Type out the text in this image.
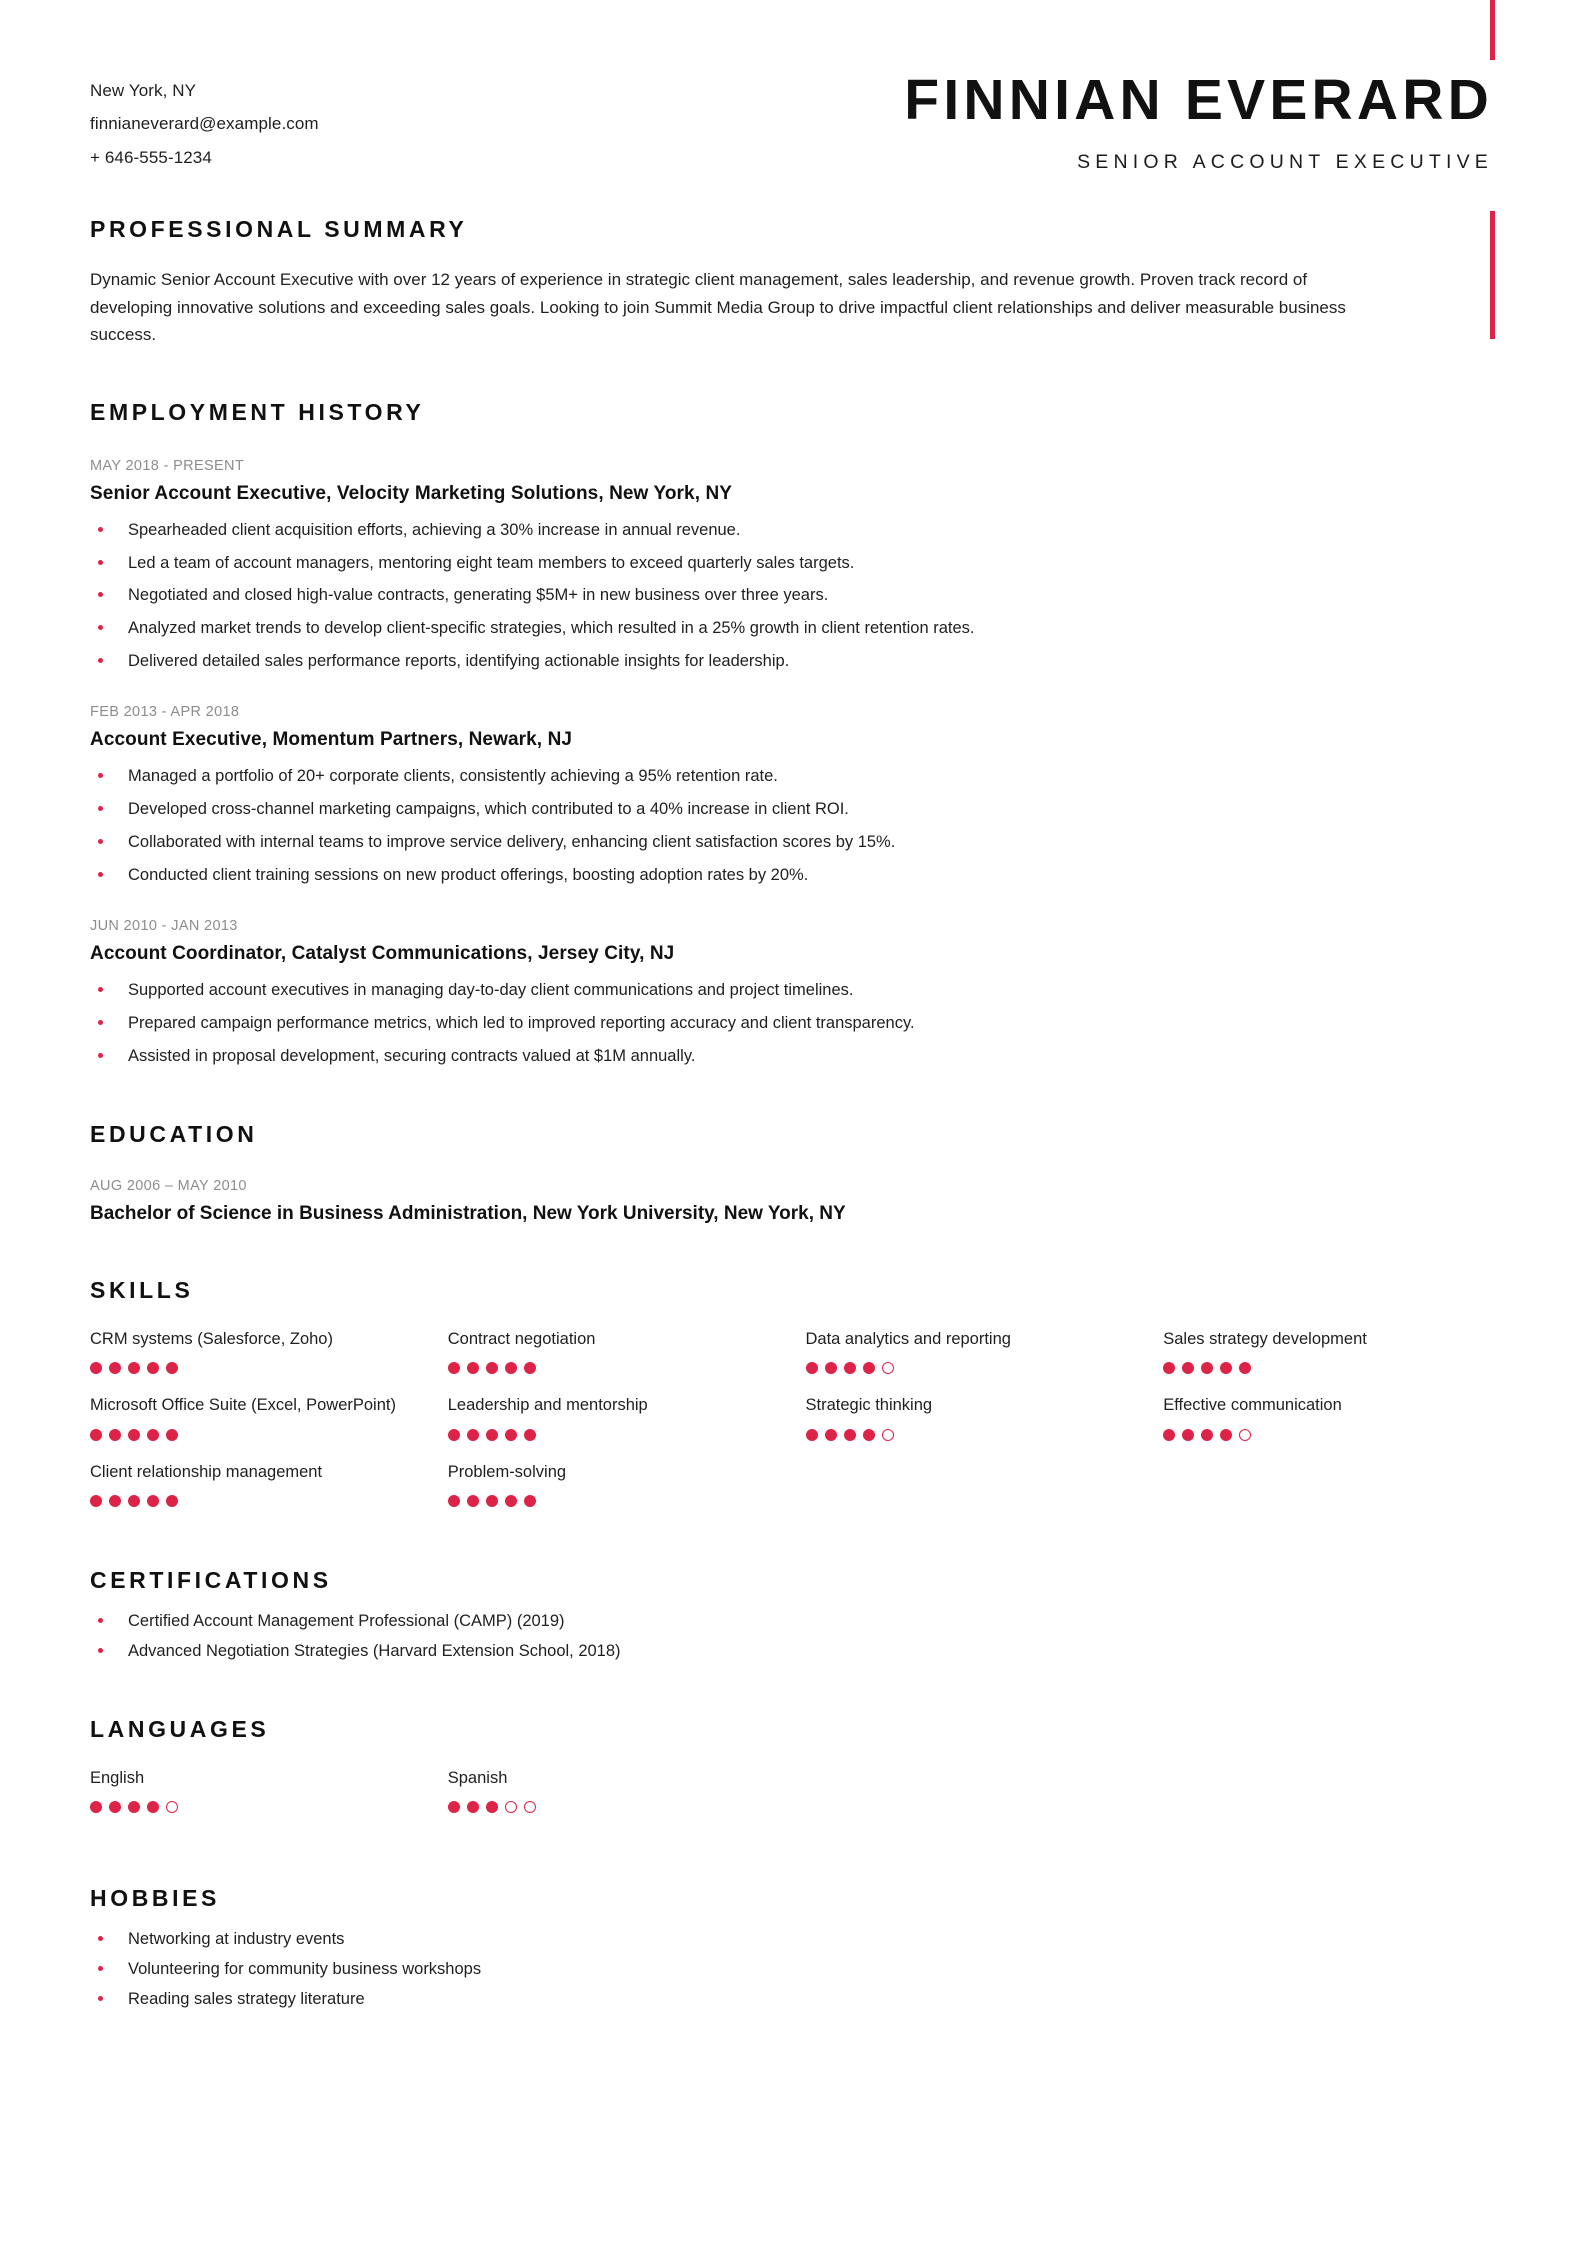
New York, NY
finnianeverard@example.com
+ 646-555-1234
FINNIAN EVERARD
SENIOR ACCOUNT EXECUTIVE
PROFESSIONAL SUMMARY
Dynamic Senior Account Executive with over 12 years of experience in strategic client management, sales leadership, and revenue growth. Proven track record of developing innovative solutions and exceeding sales goals. Looking to join Summit Media Group to drive impactful client relationships and deliver measurable business success.
EMPLOYMENT HISTORY
MAY 2018 - PRESENT
Senior Account Executive, Velocity Marketing Solutions, New York, NY
Spearheaded client acquisition efforts, achieving a 30% increase in annual revenue.
Led a team of account managers, mentoring eight team members to exceed quarterly sales targets.
Negotiated and closed high-value contracts, generating $5M+ in new business over three years.
Analyzed market trends to develop client-specific strategies, which resulted in a 25% growth in client retention rates.
Delivered detailed sales performance reports, identifying actionable insights for leadership.
FEB 2013 - APR 2018
Account Executive, Momentum Partners, Newark, NJ
Managed a portfolio of 20+ corporate clients, consistently achieving a 95% retention rate.
Developed cross-channel marketing campaigns, which contributed to a 40% increase in client ROI.
Collaborated with internal teams to improve service delivery, enhancing client satisfaction scores by 15%.
Conducted client training sessions on new product offerings, boosting adoption rates by 20%.
JUN 2010 - JAN 2013
Account Coordinator, Catalyst Communications, Jersey City, NJ
Supported account executives in managing day-to-day client communications and project timelines.
Prepared campaign performance metrics, which led to improved reporting accuracy and client transparency.
Assisted in proposal development, securing contracts valued at $1M annually.
EDUCATION
AUG 2006 – MAY 2010
Bachelor of Science in Business Administration, New York University, New York, NY
SKILLS
CRM systems (Salesforce, Zoho)	Contract negotiation	Data analytics and reporting	Sales strategy development
Microsoft Office Suite (Excel, PowerPoint)	Leadership and mentorship	Strategic thinking	Effective communication
Client relationship management	Problem-solving
CERTIFICATIONS
Certified Account Management Professional (CAMP) (2019)
Advanced Negotiation Strategies (Harvard Extension School, 2018)
LANGUAGES
English	Spanish
HOBBIES
Networking at industry events
Volunteering for community business workshops
Reading sales strategy literature
